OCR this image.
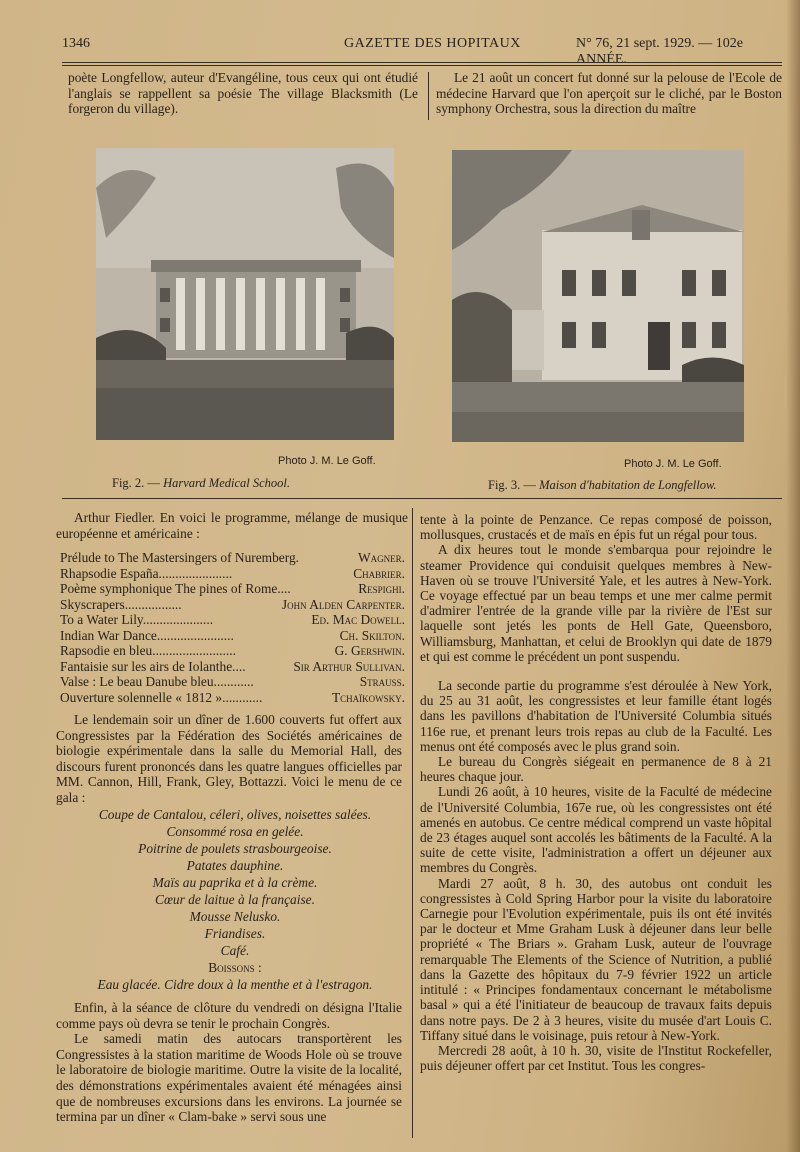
1346	GAZETTE DES HOPITAUX	N° 76, 21 sept. 1929. — 102e ANNÉE.

poète Longfellow, auteur d'Evangéline, tous ceux qui ont étudié l'anglais se rappellent sa poésie The village Blacksmith (Le forgeron du village).

Le 21 août un concert fut donné sur la pelouse de l'Ecole de médecine Harvard que l'on aperçoit sur le cliché, par le Boston symphony Orchestra, sous la direction du maître

Photo J. M. Le Goff.
Fig. 2. — Harvard Medical School.
Photo J. M. Le Goff.
Fig. 3. — Maison d'habitation de Longfellow.

Arthur Fiedler. En voici le programme, mélange de musique européenne et américaine :

Prélude to The Mastersingers of Nuremberg.	Wagner.
Rhapsodie España......................	Chabrier.
Poème symphonique The pines of Rome....	Respighi.
Skyscrapers.................	John Alden Carpenter.
To a Water Lily.....................	Ed. Mac Dowell.
Indian War Dance.......................	Ch. Skilton.
Rapsodie en bleu.........................	G. Gershwin.
Fantaisie sur les airs de Iolanthe....	Sir Arthur Sullivan.
Valse : Le beau Danube bleu............	Strauss.
Ouverture solennelle « 1812 »............	Tchaïkowsky.

Le lendemain soir un dîner de 1.600 couverts fut offert aux Congressistes par la Fédération des Sociétés américaines de biologie expérimentale dans la salle du Memorial Hall, des discours furent prononcés dans les quatre langues officielles par MM. Cannon, Hill, Frank, Gley, Bottazzi. Voici le menu de ce gala :

Coupe de Cantalou, céleri, olives, noisettes salées.
Consommé rosa en gelée.
Poitrine de poulets strasbourgeoise.
Patates dauphine.
Maïs au paprika et à la crème.
Cœur de laitue à la française.
Mousse Nelusko.
Friandises.
Café.
Boissons :
Eau glacée. Cidre doux à la menthe et à l'estragon.

Enfin, à la séance de clôture du vendredi on désigna l'Italie comme pays où devra se tenir le prochain Congrès.

Le samedi matin des autocars transportèrent les Congressistes à la station maritime de Woods Hole où se trouve le laboratoire de biologie maritime. Outre la visite de la localité, des démonstrations expérimentales avaient été ménagées ainsi que de nombreuses excursions dans les environs. La journée se termina par un dîner « Clam-bake » servi sous une

tente à la pointe de Penzance. Ce repas composé de poisson, mollusques, crustacés et de maïs en épis fut un régal pour tous.

A dix heures tout le monde s'embarqua pour rejoindre le steamer Providence qui conduisit quelques membres à New-Haven où se trouve l'Université Yale, et les autres à New-York. Ce voyage effectué par un beau temps et une mer calme permit d'admirer l'entrée de la grande ville par la rivière de l'Est sur laquelle sont jetés les ponts de Hell Gate, Queensboro, Williamsburg, Manhattan, et celui de Brooklyn qui date de 1879 et qui est comme le précédent un pont suspendu.

La seconde partie du programme s'est déroulée à New York, du 25 au 31 août, les congressistes et leur famille étant logés dans les pavillons d'habitation de l'Université Columbia situés 116e rue, et prenant leurs trois repas au club de la Faculté. Les menus ont été composés avec le plus grand soin.

Le bureau du Congrès siégeait en permanence de 8 à 21 heures chaque jour.

Lundi 26 août, à 10 heures, visite de la Faculté de médecine de l'Université Columbia, 167e rue, où les congressistes ont été amenés en autobus. Ce centre médical comprend un vaste hôpital de 23 étages auquel sont accolés les bâtiments de la Faculté. A la suite de cette visite, l'administration a offert un déjeuner aux membres du Congrès.

Mardi 27 août, 8 h. 30, des autobus ont conduit les congressistes à Cold Spring Harbor pour la visite du laboratoire Carnegie pour l'Evolution expérimentale, puis ils ont été invités par le docteur et Mme Graham Lusk à déjeuner dans leur belle propriété « The Briars ». Graham Lusk, auteur de l'ouvrage remarquable The Elements of the Science of Nutrition, a publié dans la Gazette des hôpitaux du 7-9 février 1922 un article intitulé : « Principes fondamentaux concernant le métabolisme basal » qui a été l'initiateur de beaucoup de travaux faits depuis dans notre pays. De 2 à 3 heures, visite du musée d'art Louis C. Tiffany situé dans le voisinage, puis retour à New-York.

Mercredi 28 août, à 10 h. 30, visite de l'Institut Rockefeller, puis déjeuner offert par cet Institut. Tous les congres-
